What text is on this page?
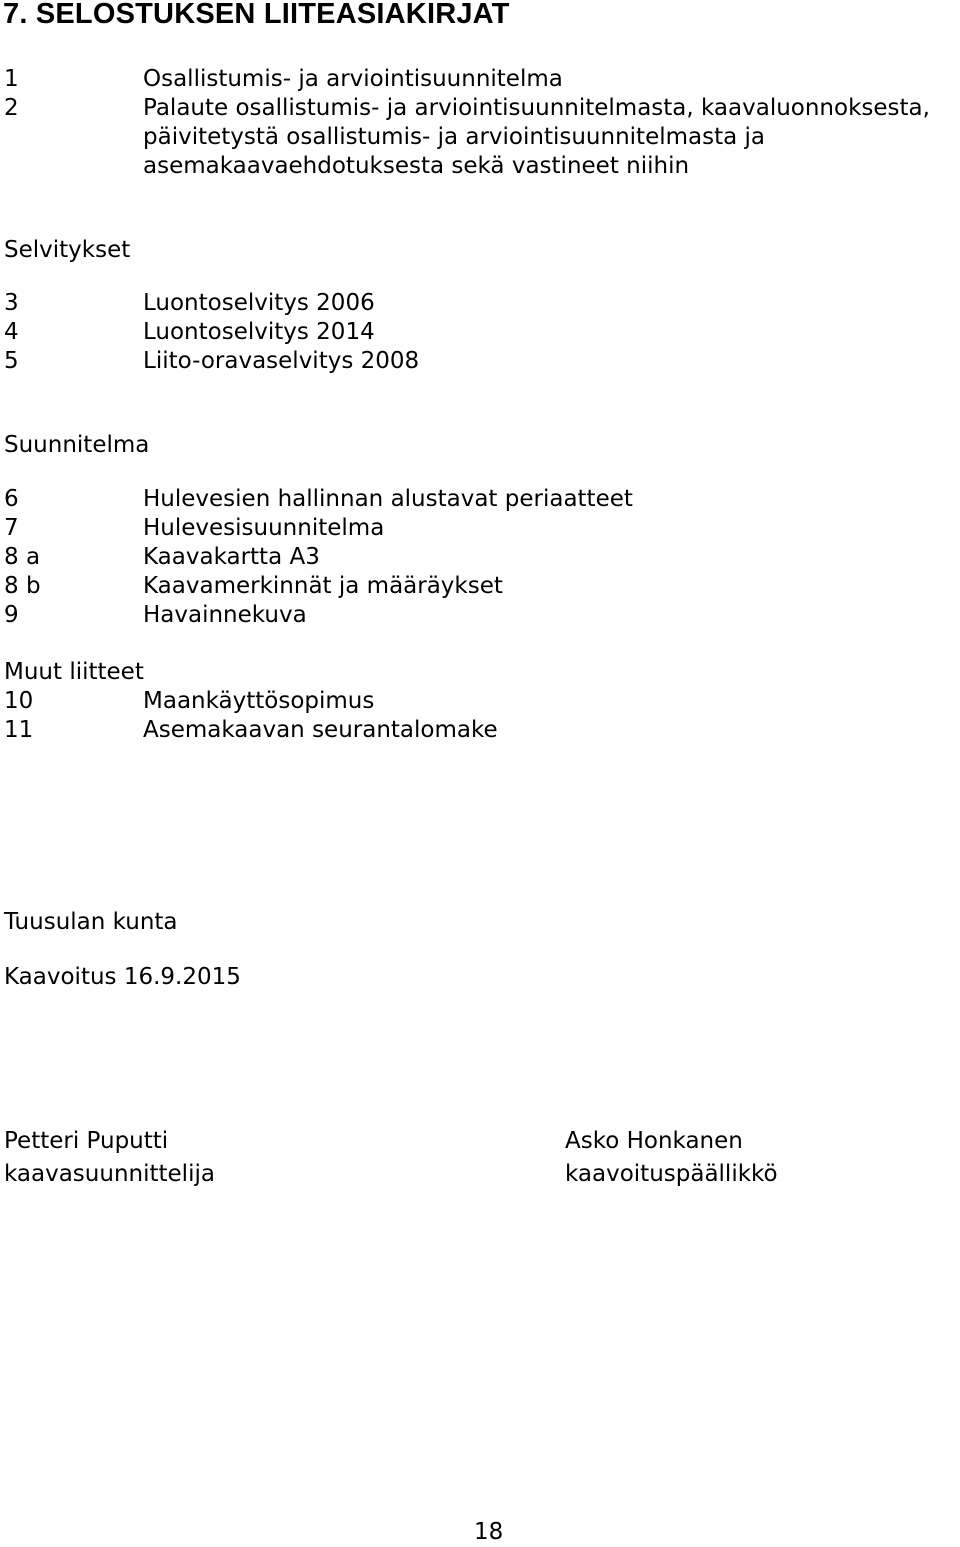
7. SELOSTUKSEN LIITEASIAKIRJAT
1	Osallistumis- ja arviointisuunnitelma
2	Palaute osallistumis- ja arviointisuunnitelmasta, kaavaluonnoksesta,
päivitetystä osallistumis- ja arviointisuunnitelmasta ja
asemakaavaehdotuksesta sekä vastineet niihin
Selvitykset
3	Luontoselvitys 2006
4	Luontoselvitys 2014
5	Liito-oravaselvitys 2008
Suunnitelma
6	Hulevesien hallinnan alustavat periaatteet
7	Hulevesisuunnitelma
8 a	Kaavakartta A3
8 b	Kaavamerkinnät ja määräykset
9	Havainnekuva
Muut liitteet
10	Maankäyttösopimus
11	Asemakaavan seurantalomake
Tuusulan kunta
Kaavoitus 16.9.2015
Petteri Puputti
kaavasuunnittelija
Asko Honkanen
kaavoituspäällikkö
18
